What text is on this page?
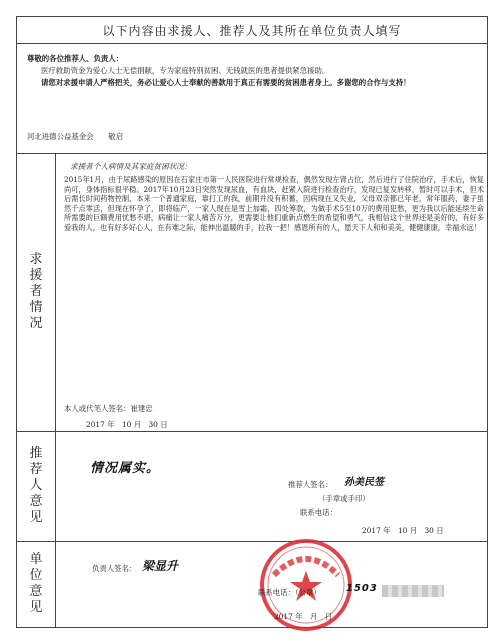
以下内容由求援人、推荐人及其所在单位负责人填写
尊敬的各位推荐人、负责人：
医疗救助资金为爱心人士无偿捐献，专为家庭特别贫困、无钱就医的患者提供紧急援助。
请您对求援申请人严格把关，务必让爱心人士奉献的善款用于真正有需要的贫困患者身上。多谢您的合作与支持！
河北进德公益基金会　　敬启
求
援
者
情
况
求援者个人病情及其家庭贫困状况：
2015年1月，由于尿路感染的原因在石家庄市第一人民医院进行常规检查，偶然发现左肾占位，然后进行了住院治疗，手术后，恢复尚可，身体指标很平稳。2017年10月23日突然发现尿血，有血块，赶紧入院进行检查治疗，发现已复发转移，暂时可以手术，但术后需长时间药物控制，本来一个普通家庭，靠打工的我，前期并没有积蓄，因病现在又失业，父母双亲都已年老，常年服药，妻子虽然千点零活，但现在怀孕了，即将临产，一家人现在是雪上加霜，四处筹款，为做手术5至10万的费用犯愁，更为我以后能延续生命所需要的巨额费用忧愁不堪，病痛让一家人痛苦万分，更需要让他们重新点燃生的希望和勇气，我相信这个世界还是美好的，有好多爱我的人，也有好多好心人，在有难之际，能伸出温暖的手，拉我一把！感恩所有的人，愿天下人和和美美，健健康康，幸福永远！
本人或代笔人签名：崔建忠
2017 年　10 月　30 日
推
荐
人
意
见
情况属实。
推荐人签名： 孙美民签
（手章或手印）
联系电话：
2017 年　10 月　30 日
单
位
意
见
负责人签名： 梁显升
联系电话：（公章）	1503
2017 年　月　日
